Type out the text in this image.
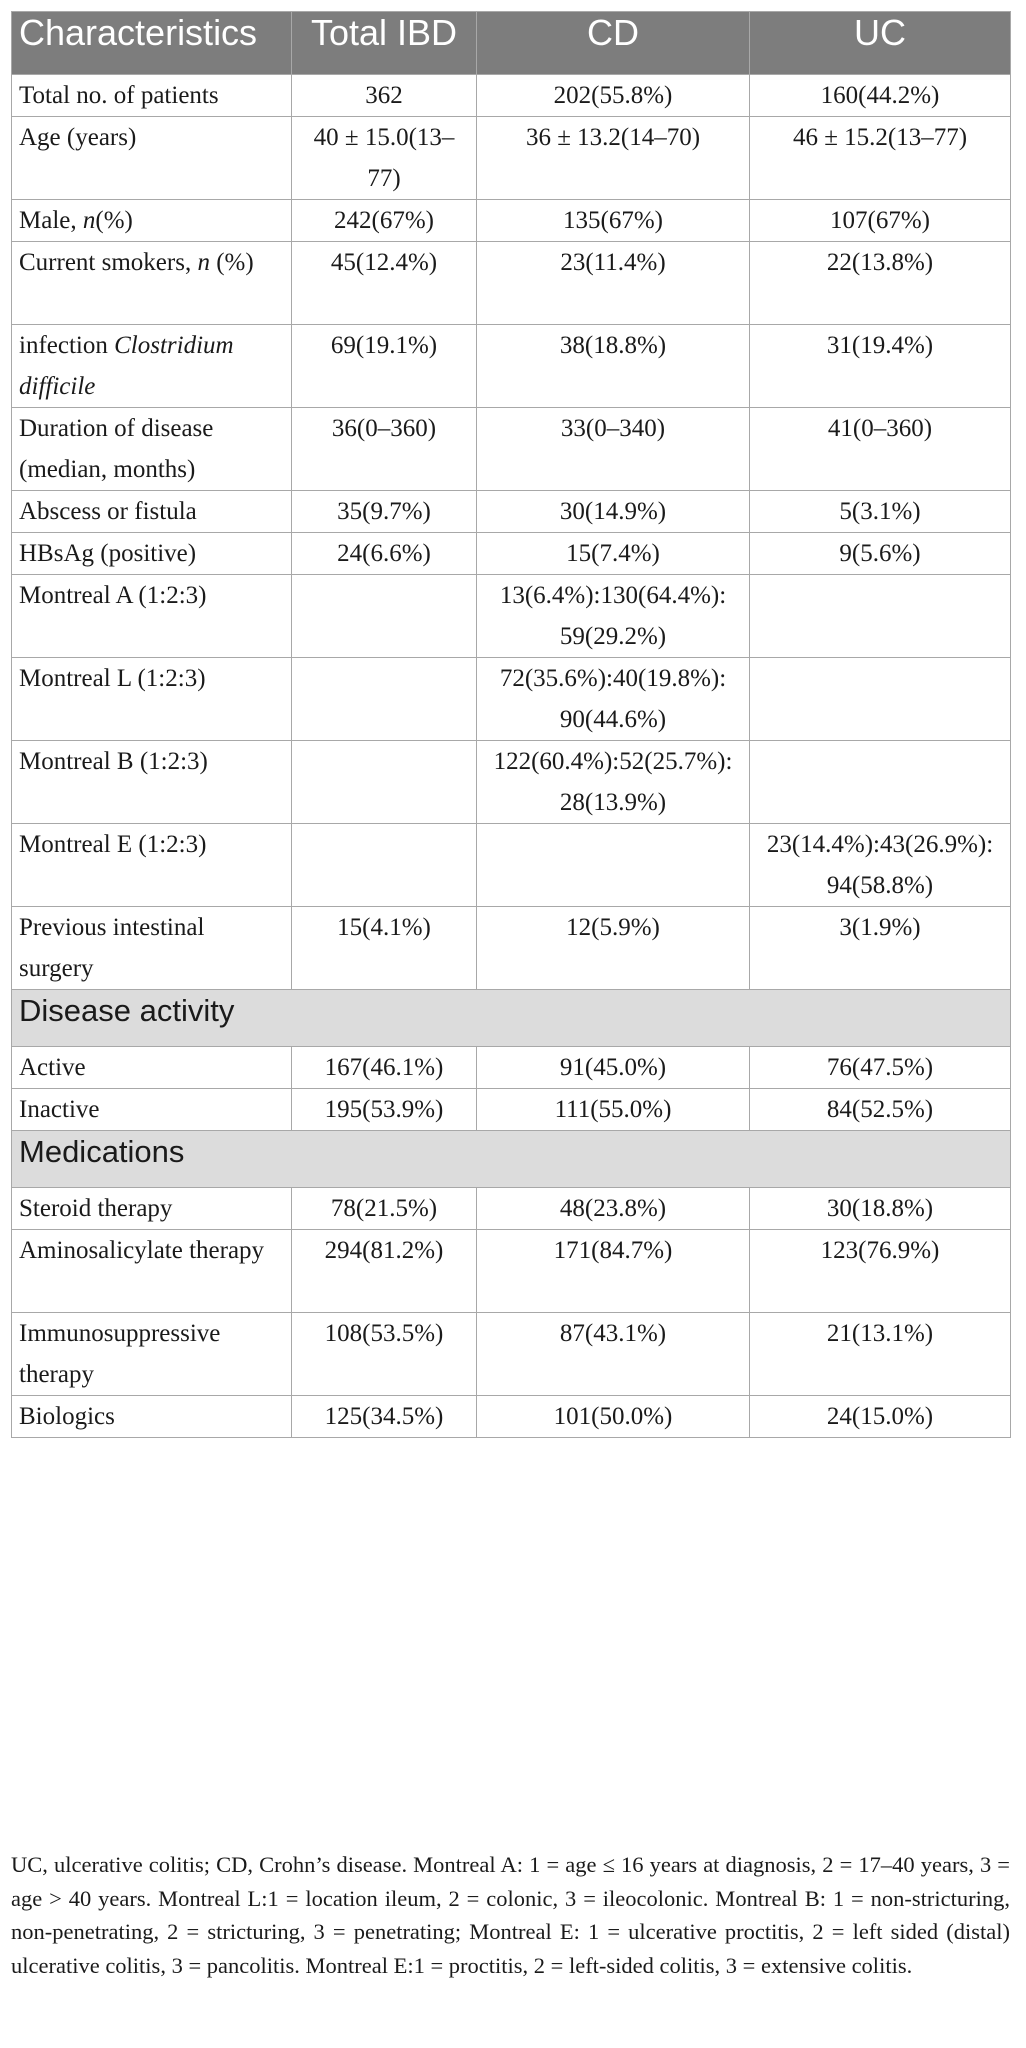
Characteristics	Total IBD	CD	UC
Total no. of patients	362	202(55.8%)	160(44.2%)
Age (years)	40 ± 15.0(13–77)	36 ± 13.2(14–70)	46 ± 15.2(13–77)
Male, n(%)	242(67%)	135(67%)	107(67%)
Current smokers, n (%)	45(12.4%)	23(11.4%)	22(13.8%)
infection Clostridium difficile	69(19.1%)	38(18.8%)	31(19.4%)
Duration of disease (median, months)	36(0–360)	33(0–340)	41(0–360)
Abscess or fistula	35(9.7%)	30(14.9%)	5(3.1%)
HBsAg (positive)	24(6.6%)	15(7.4%)	9(5.6%)
Montreal A (1:2:3)		13(6.4%):130(64.4%): 59(29.2%)	
Montreal L (1:2:3)		72(35.6%):40(19.8%): 90(44.6%)	
Montreal B (1:2:3)		122(60.4%):52(25.7%): 28(13.9%)	
Montreal E (1:2:3)			23(14.4%):43(26.9%): 94(58.8%)
Previous intestinal surgery	15(4.1%)	12(5.9%)	3(1.9%)
Disease activity			
Active	167(46.1%)	91(45.0%)	76(47.5%)
Inactive	195(53.9%)	111(55.0%)	84(52.5%)
Medications			
Steroid therapy	78(21.5%)	48(23.8%)	30(18.8%)
Aminosalicylate therapy	294(81.2%)	171(84.7%)	123(76.9%)
Immunosuppressive therapy	108(53.5%)	87(43.1%)	21(13.1%)
Biologics	125(34.5%)	101(50.0%)	24(15.0%)
UC, ulcerative colitis; CD, Crohn’s disease. Montreal A: 1 = age ≤ 16 years at diagnosis, 2 = 17–40 years, 3 = age > 40 years. Montreal L:1 = location ileum, 2 = colonic, 3 = ileocolonic. Montreal B: 1 = non-stricturing, non-penetrating, 2 = stricturing, 3 = penetrating; Montreal E: 1 = ulcerative proctitis, 2 = left sided (distal) ulcerative colitis, 3 = pancolitis. Montreal E:1 = proctitis, 2 = left-sided colitis, 3 = extensive colitis.
